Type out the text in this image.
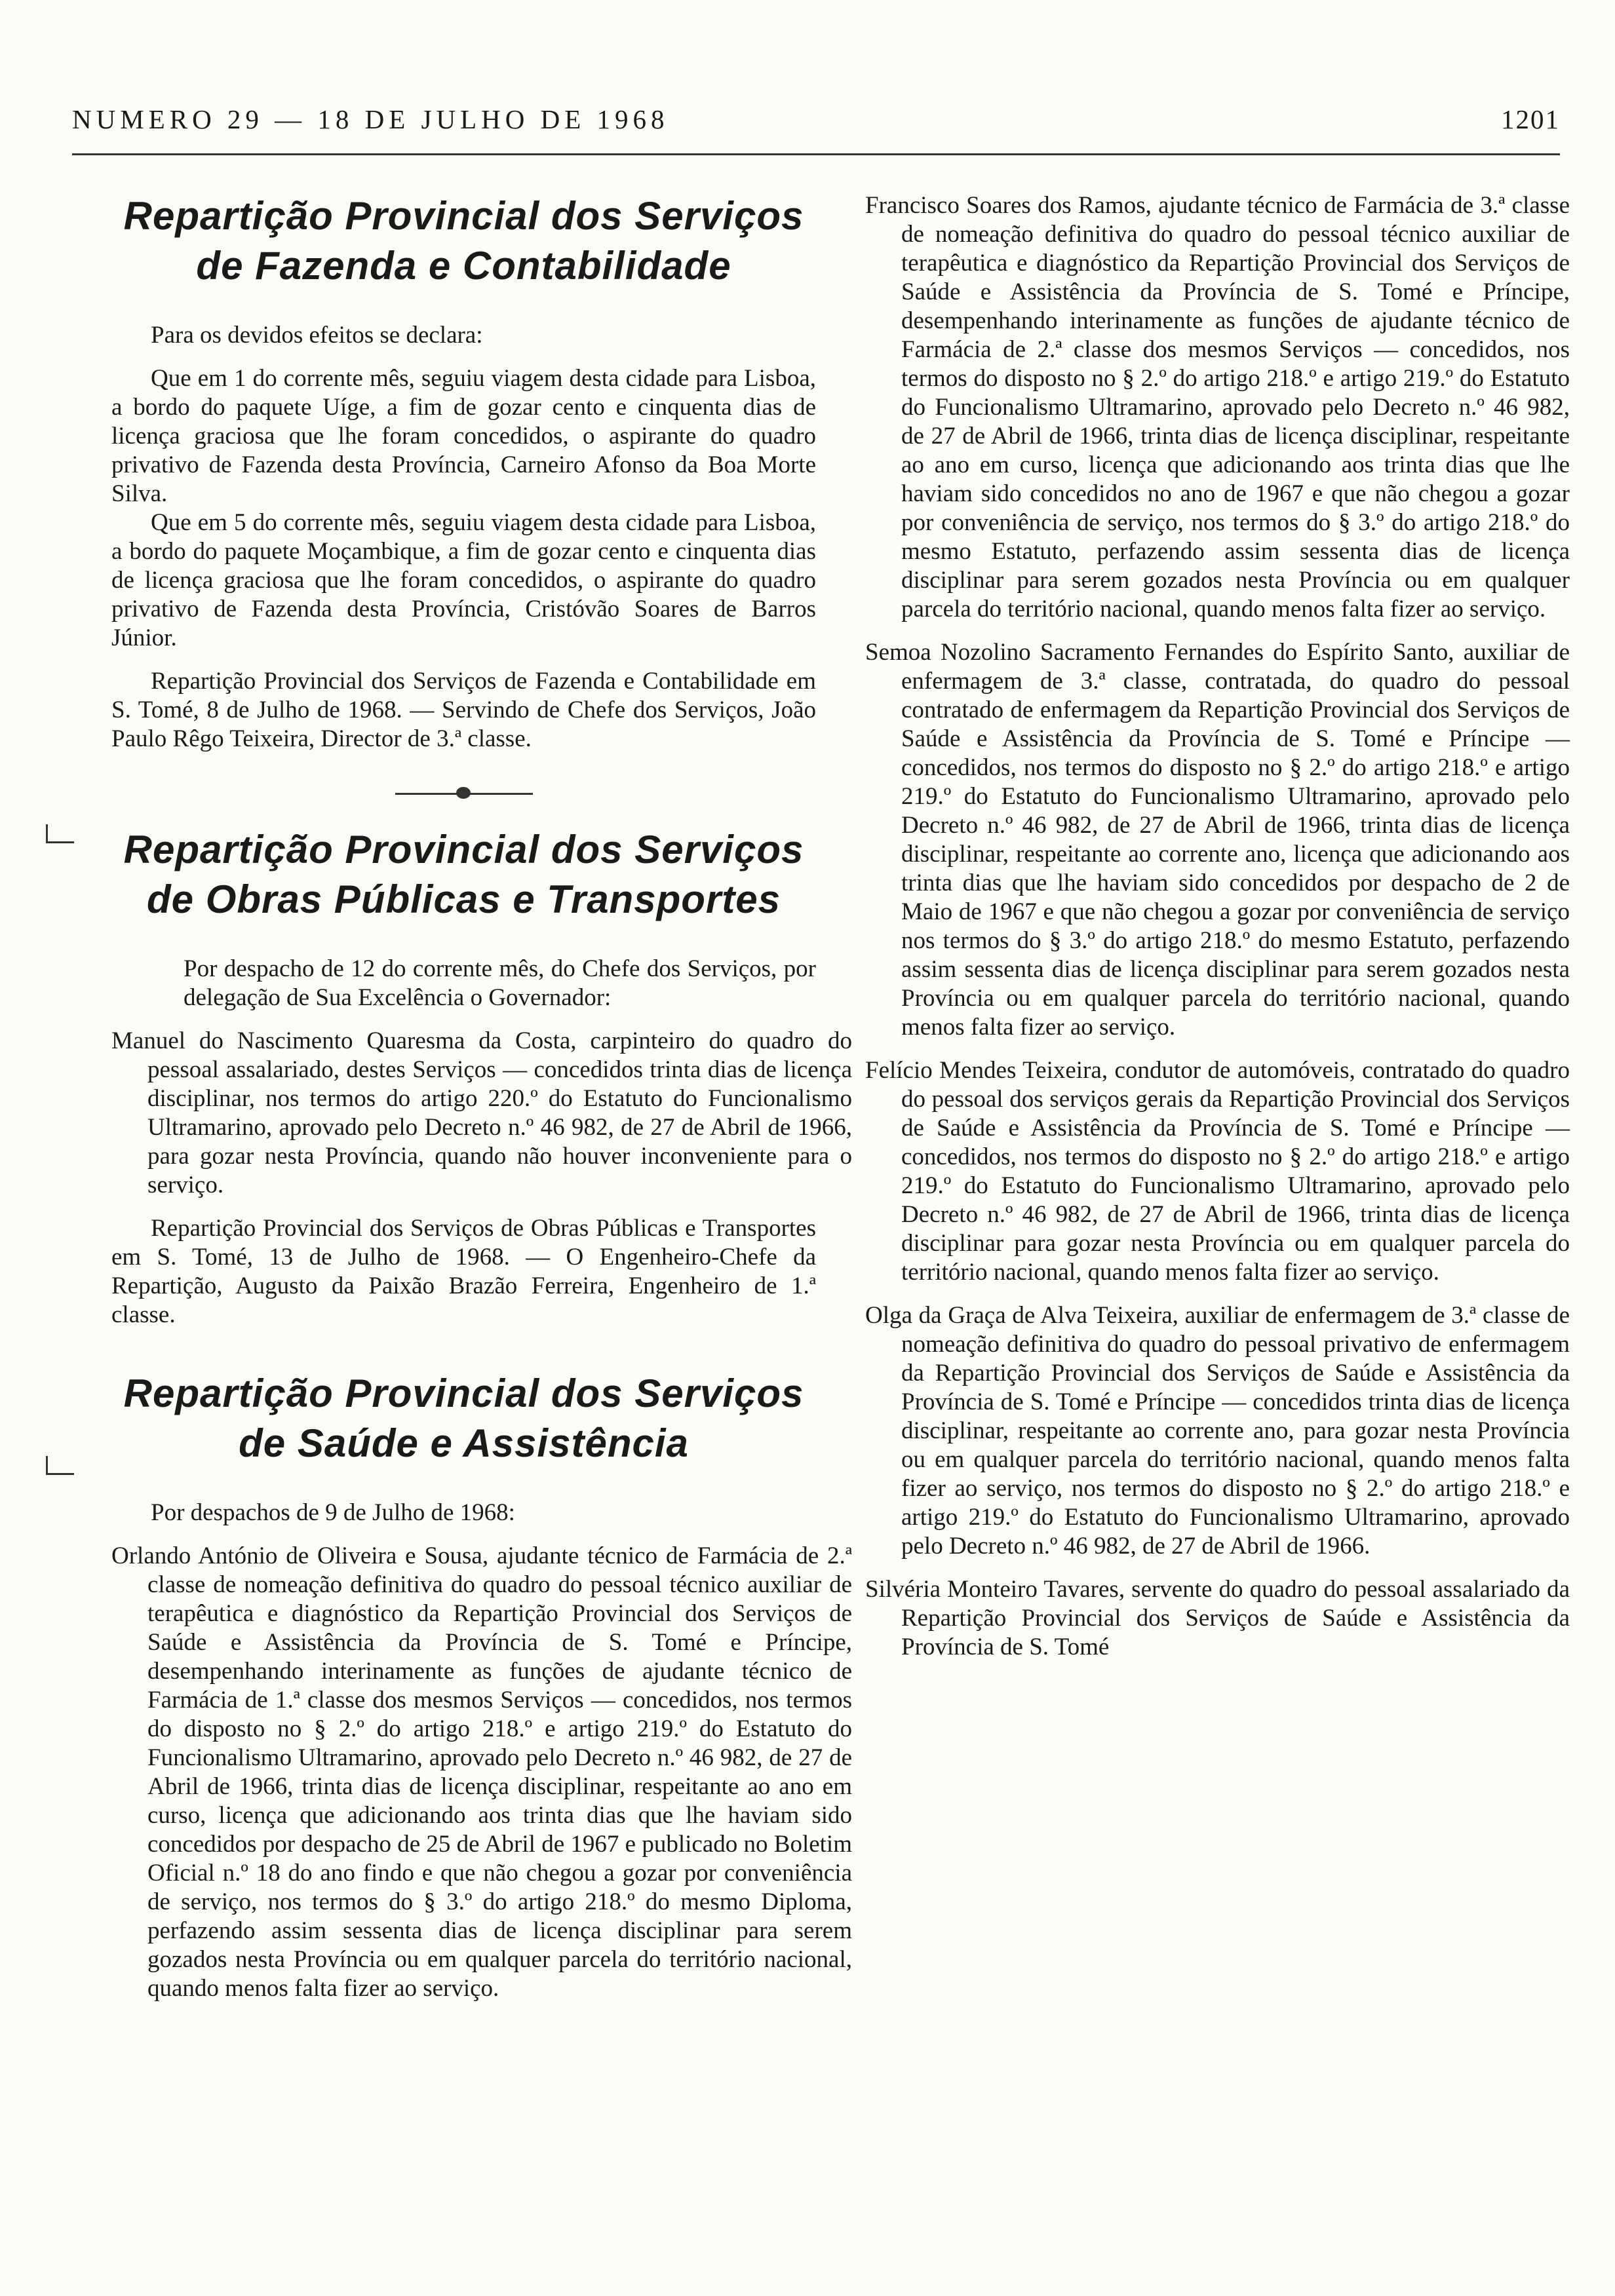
NUMERO 29 — 18 DE JULHO DE 1968	1201
Repartição Provincial dos Serviços
de Fazenda e Contabilidade

Para os devidos efeitos se declara:

Que em 1 do corrente mês, seguiu viagem desta cidade para Lisboa, a bordo do paquete Uíge, a fim de gozar cento e cinquenta dias de licença graciosa que lhe foram concedidos, o aspirante do quadro privativo de Fazenda desta Província, Carneiro Afonso da Boa Morte Silva.

Que em 5 do corrente mês, seguiu viagem desta cidade para Lisboa, a bordo do paquete Moçambique, a fim de gozar cento e cinquenta dias de licença graciosa que lhe foram concedidos, o aspirante do quadro privativo de Fazenda desta Província, Cristóvão Soares de Barros Júnior.

Repartição Provincial dos Serviços de Fazenda e Contabilidade em S. Tomé, 8 de Julho de 1968. — Servindo de Chefe dos Serviços, João Paulo Rêgo Teixeira, Director de 3.ª classe.

Repartição Provincial dos Serviços
de Obras Públicas e Transportes

Por despacho de 12 do corrente mês, do Chefe dos Serviços, por delegação de Sua Excelência o Governador:

Manuel do Nascimento Quaresma da Costa, carpinteiro do quadro do pessoal assalariado, destes Serviços — concedidos trinta dias de licença disciplinar, nos termos do artigo 220.º do Estatuto do Funcionalismo Ultramarino, aprovado pelo Decreto n.º 46 982, de 27 de Abril de 1966, para gozar nesta Província, quando não houver inconveniente para o serviço.

Repartição Provincial dos Serviços de Obras Públicas e Transportes em S. Tomé, 13 de Julho de 1968. — O Engenheiro-Chefe da Repartição, Augusto da Paixão Brazão Ferreira, Engenheiro de 1.ª classe.

Repartição Provincial dos Serviços
de Saúde e Assistência

Por despachos de 9 de Julho de 1968:

Orlando António de Oliveira e Sousa, ajudante técnico de Farmácia de 2.ª classe de nomeação definitiva do quadro do pessoal técnico auxiliar de terapêutica e diagnóstico da Repartição Provincial dos Serviços de Saúde e Assistência da Província de S. Tomé e Príncipe, desempenhando interinamente as funções de ajudante técnico de Farmácia de 1.ª classe dos mesmos Serviços — concedidos, nos termos do disposto no § 2.º do artigo 218.º e artigo 219.º do Estatuto do Funcionalismo Ultramarino, aprovado pelo Decreto n.º 46 982, de 27 de Abril de 1966, trinta dias de licença disciplinar, respeitante ao ano em curso, licença que adicionando aos trinta dias que lhe haviam sido concedidos por despacho de 25 de Abril de 1967 e publicado no Boletim Oficial n.º 18 do ano findo e que não chegou a gozar por conveniência de serviço, nos termos do § 3.º do artigo 218.º do mesmo Diploma, perfazendo assim sessenta dias de licença disciplinar para serem gozados nesta Província ou em qualquer parcela do território nacional, quando menos falta fizer ao serviço.

Francisco Soares dos Ramos, ajudante técnico de Farmácia de 3.ª classe de nomeação definitiva do quadro do pessoal técnico auxiliar de terapêutica e diagnóstico da Repartição Provincial dos Serviços de Saúde e Assistência da Província de S. Tomé e Príncipe, desempenhando interinamente as funções de ajudante técnico de Farmácia de 2.ª classe dos mesmos Serviços — concedidos, nos termos do disposto no § 2.º do artigo 218.º e artigo 219.º do Estatuto do Funcionalismo Ultramarino, aprovado pelo Decreto n.º 46 982, de 27 de Abril de 1966, trinta dias de licença disciplinar, respeitante ao ano em curso, licença que adicionando aos trinta dias que lhe haviam sido concedidos no ano de 1967 e que não chegou a gozar por conveniência de serviço, nos termos do § 3.º do artigo 218.º do mesmo Estatuto, perfazendo assim sessenta dias de licença disciplinar para serem gozados nesta Província ou em qualquer parcela do território nacional, quando menos falta fizer ao serviço.

Semoa Nozolino Sacramento Fernandes do Espírito Santo, auxiliar de enfermagem de 3.ª classe, contratada, do quadro do pessoal contratado de enfermagem da Repartição Provincial dos Serviços de Saúde e Assistência da Província de S. Tomé e Príncipe — concedidos, nos termos do disposto no § 2.º do artigo 218.º e artigo 219.º do Estatuto do Funcionalismo Ultramarino, aprovado pelo Decreto n.º 46 982, de 27 de Abril de 1966, trinta dias de licença disciplinar, respeitante ao corrente ano, licença que adicionando aos trinta dias que lhe haviam sido concedidos por despacho de 2 de Maio de 1967 e que não chegou a gozar por conveniência de serviço nos termos do § 3.º do artigo 218.º do mesmo Estatuto, perfazendo assim sessenta dias de licença disciplinar para serem gozados nesta Província ou em qualquer parcela do território nacional, quando menos falta fizer ao serviço.

Felício Mendes Teixeira, condutor de automóveis, contratado do quadro do pessoal dos serviços gerais da Repartição Provincial dos Serviços de Saúde e Assistência da Província de S. Tomé e Príncipe — concedidos, nos termos do disposto no § 2.º do artigo 218.º e artigo 219.º do Estatuto do Funcionalismo Ultramarino, aprovado pelo Decreto n.º 46 982, de 27 de Abril de 1966, trinta dias de licença disciplinar para gozar nesta Província ou em qualquer parcela do território nacional, quando menos falta fizer ao serviço.

Olga da Graça de Alva Teixeira, auxiliar de enfermagem de 3.ª classe de nomeação definitiva do quadro do pessoal privativo de enfermagem da Repartição Provincial dos Serviços de Saúde e Assistência da Província de S. Tomé e Príncipe — concedidos trinta dias de licença disciplinar, respeitante ao corrente ano, para gozar nesta Província ou em qualquer parcela do território nacional, quando menos falta fizer ao serviço, nos termos do disposto no § 2.º do artigo 218.º e artigo 219.º do Estatuto do Funcionalismo Ultramarino, aprovado pelo Decreto n.º 46 982, de 27 de Abril de 1966.

Silvéria Monteiro Tavares, servente do quadro do pessoal assalariado da Repartição Provincial dos Serviços de Saúde e Assistência da Província de S. Tomé
